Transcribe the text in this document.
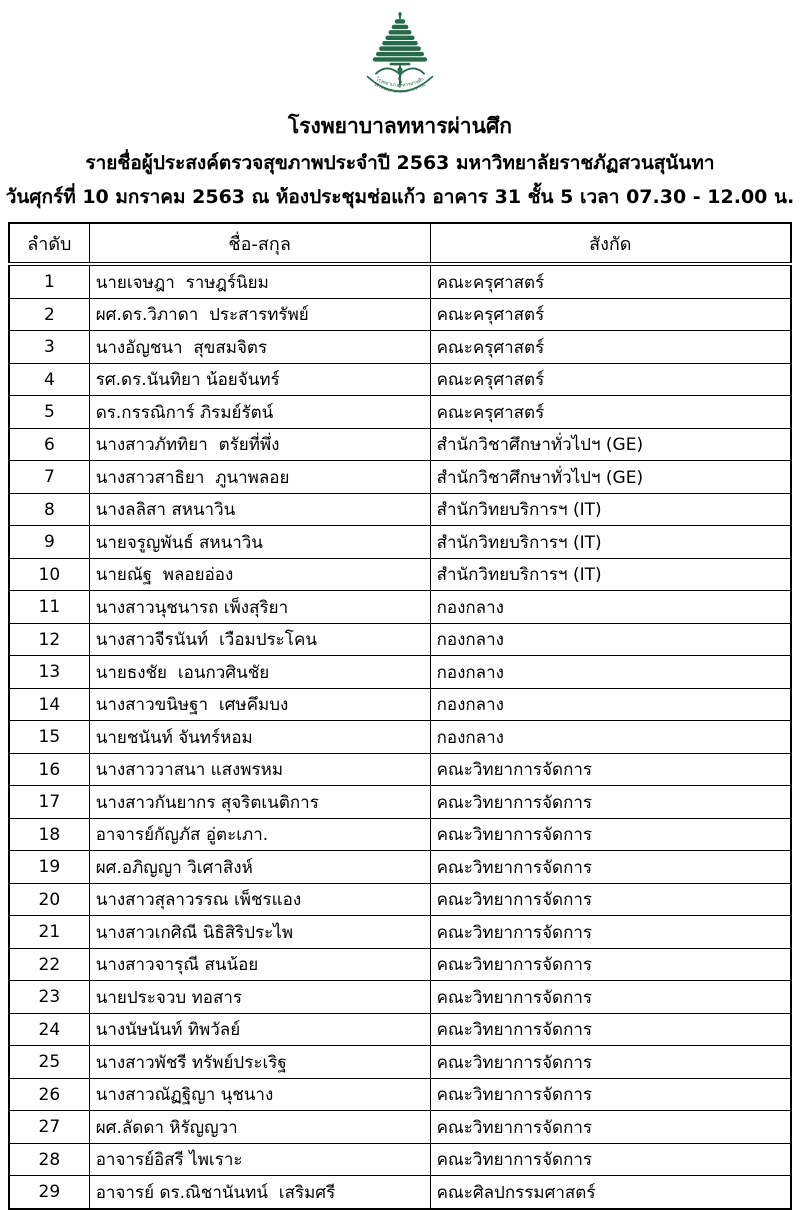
โรงพยาบาลทหารผ่านศึก
VETERANS GENERAL HOSPITAL

โรงพยาบาลทหารผ่านศึก

รายชื่อผู้ประสงค์ตรวจสุขภาพประจำปี 2563 มหาวิทยาลัยราชภัฏสวนสุนันทา

วันศุกร์ที่ 10 มกราคม 2563 ณ ห้องประชุมช่อแก้ว อาคาร 31 ชั้น 5 เวลา 07.30 - 12.00 น.

ลำดับ	ชื่อ-สกุล	สังกัด
1	นายเจษฎา  ราษฎร์นิยม	คณะครุศาสตร์
2	ผศ.ดร.วิภาดา  ประสารทรัพย์	คณะครุศาสตร์
3	นางอัญชนา  สุขสมจิตร	คณะครุศาสตร์
4	รศ.ดร.นันทิยา น้อยจันทร์	คณะครุศาสตร์
5	ดร.กรรณิการ์ ภิรมย์รัตน์	คณะครุศาสตร์
6	นางสาวภัททิยา  ตรัยที่พึ่ง	สำนักวิชาศึกษาทั่วไปฯ (GE)
7	นางสาวสาธิยา  ภูนาพลอย	สำนักวิชาศึกษาทั่วไปฯ (GE)
8	นางลลิสา สหนาวิน	สำนักวิทยบริการฯ (IT)
9	นายจรูญพันธ์ สหนาวิน	สำนักวิทยบริการฯ (IT)
10	นายณัฐ  พลอยอ่อง	สำนักวิทยบริการฯ (IT)
11	นางสาวนุชนารถ เพ็งสุริยา	กองกลาง
12	นางสาวจีรนันท์  เวือมประโคน	กองกลาง
13	นายธงชัย  เอนกวศินชัย	กองกลาง
14	นางสาวขนิษฐา  เศษคึมบง	กองกลาง
15	นายชนันท์ จันทร์หอม	กองกลาง
16	นางสาววาสนา แสงพรหม	คณะวิทยาการจัดการ
17	นางสาวกันยากร สุจริตเนติการ	คณะวิทยาการจัดการ
18	อาจารย์กัญภัส อู่ตะเภา.	คณะวิทยาการจัดการ
19	ผศ.อภิญญา วิเศาสิงห์	คณะวิทยาการจัดการ
20	นางสาวสุลาวรรณ เพ็ชรแอง	คณะวิทยาการจัดการ
21	นางสาวเกศิณี นิธิสิริประไพ	คณะวิทยาการจัดการ
22	นางสาวจารุณี สนน้อย	คณะวิทยาการจัดการ
23	นายประจวบ ทอสาร	คณะวิทยาการจัดการ
24	นางนัษนันท์ ทิพวัลย์	คณะวิทยาการจัดการ
25	นางสาวพัชรี ทรัพย์ประเริฐ	คณะวิทยาการจัดการ
26	นางสาวณัฏฐิญา นุชนาง	คณะวิทยาการจัดการ
27	ผศ.ลัดดา หิรัญญวา	คณะวิทยาการจัดการ
28	อาจารย์อิสรี ไพเราะ	คณะวิทยาการจัดการ
29	อาจารย์ ดร.ณิชานันทน์  เสริมศรี	คณะศิลปกรรมศาสตร์
